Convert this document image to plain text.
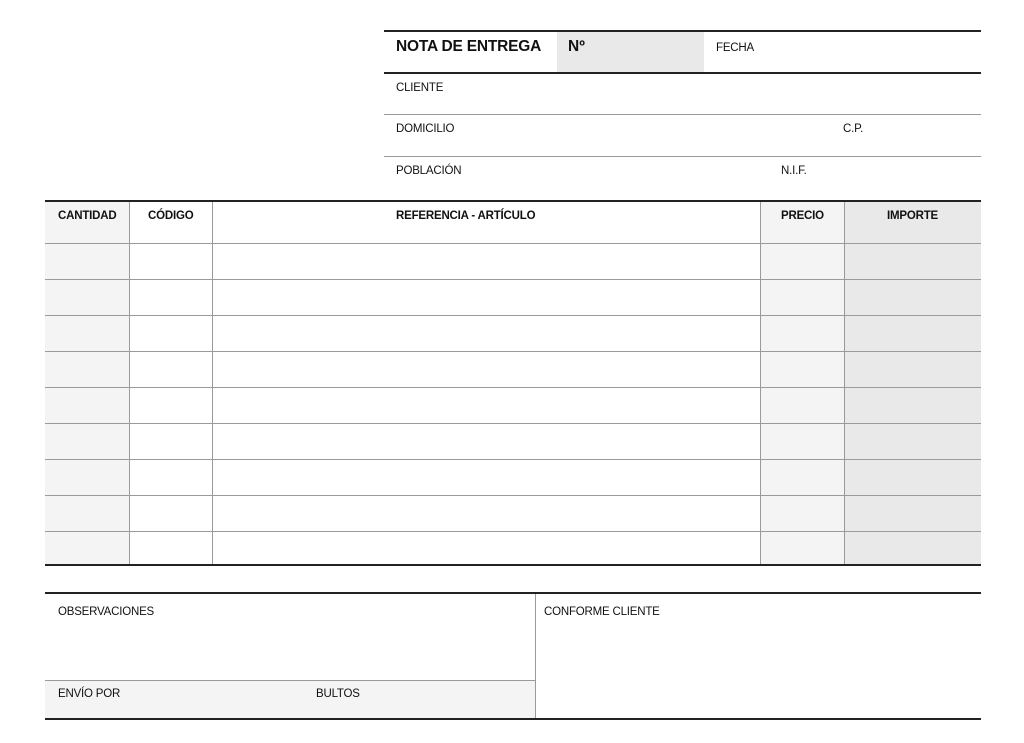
NOTA DE ENTREGA Nº	FECHA
CLIENTE
DOMICILIO	C.P.
POBLACIÓN	N.I.F.
CANTIDAD	CÓDIGO	REFERENCIA - ARTÍCULO	PRECIO	IMPORTE
OBSERVACIONES
ENVÍO POR	BULTOS
CONFORME CLIENTE
